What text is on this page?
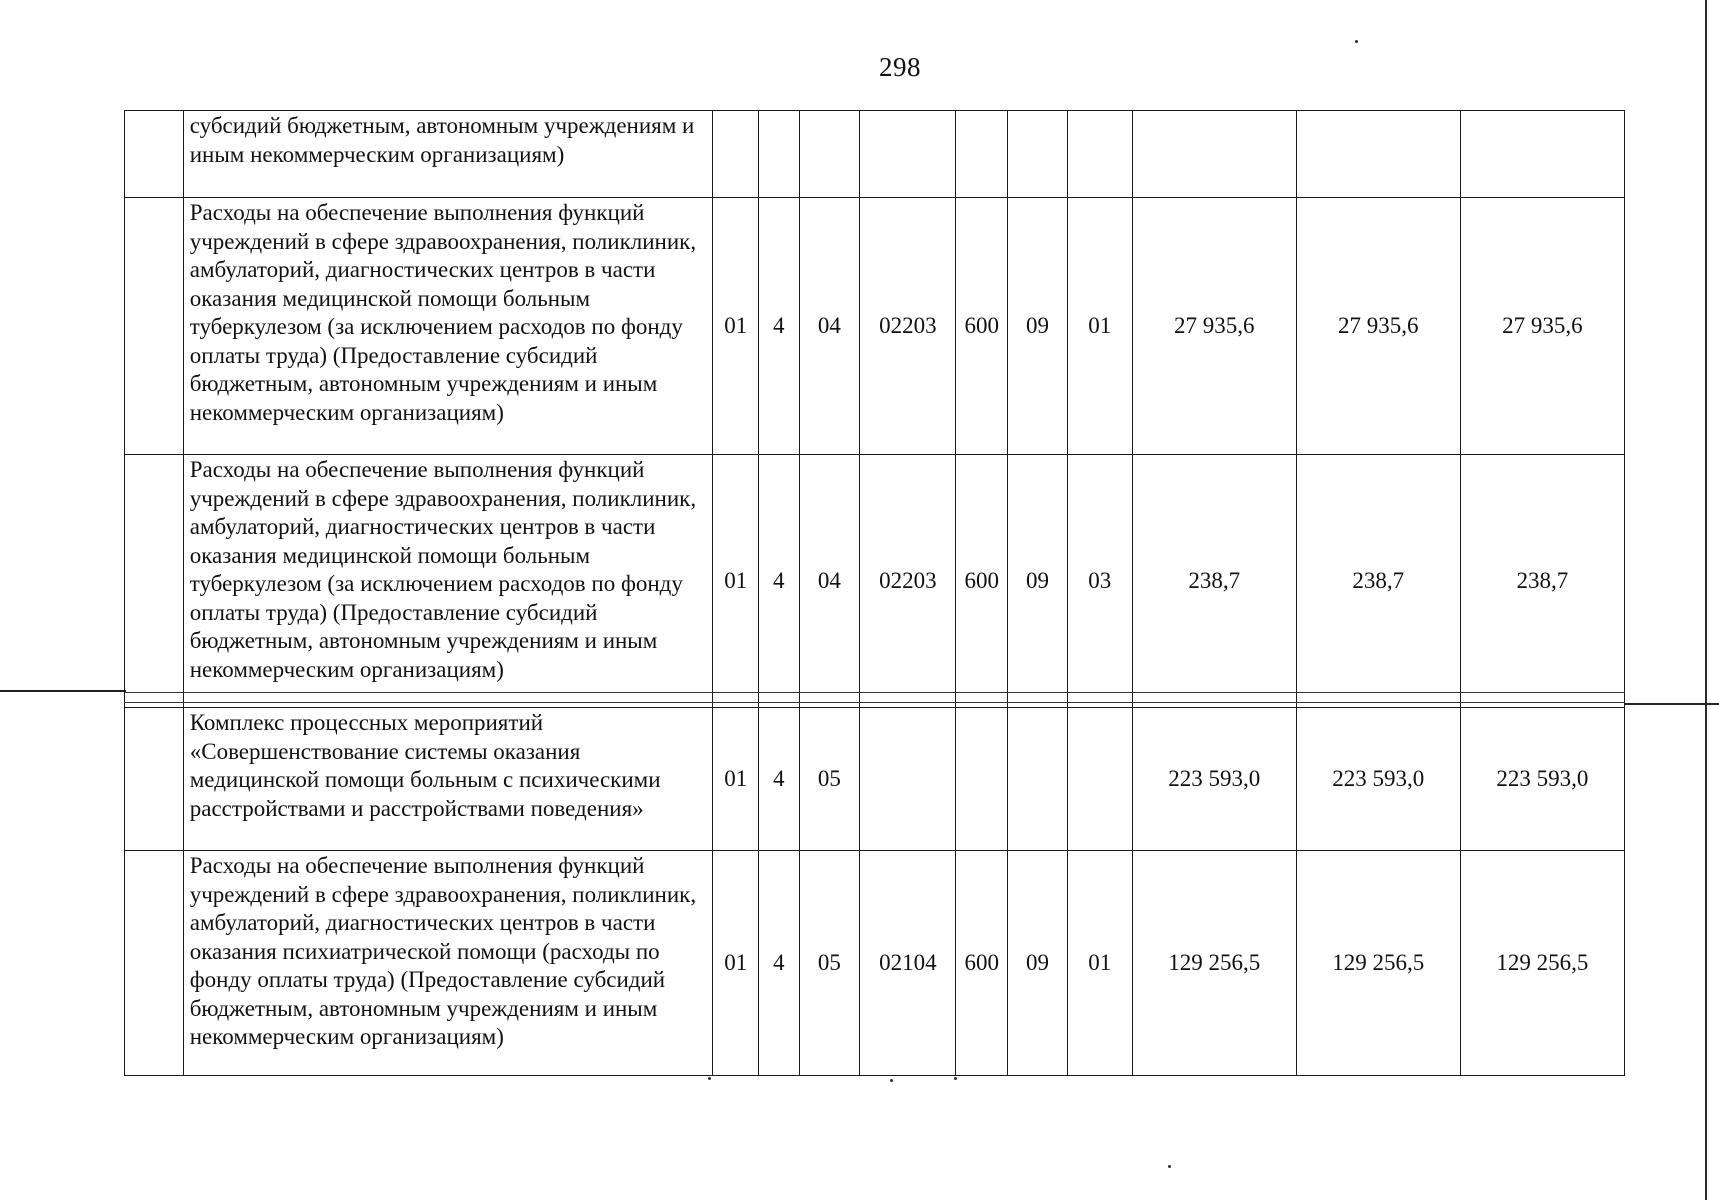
298
	субсидий бюджетным, автономным учреждениям и иным некоммерческим организациям)										
	Расходы на обеспечение выполнения функций учреждений в сфере здравоохранения, поликлиник, амбулаторий, диагностических центров в части оказания медицинской помощи больным туберкулезом (за исключением расходов по фонду оплаты труда) (Предоставление субсидий бюджетным, автономным учреждениям и иным некоммерческим организациям)	01	4	04	02203	600	09	01	27 935,6	27 935,6	27 935,6
	Расходы на обеспечение выполнения функций учреждений в сфере здравоохранения, поликлиник, амбулаторий, диагностических центров в части оказания медицинской помощи больным туберкулезом (за исключением расходов по фонду оплаты труда) (Предоставление субсидий бюджетным, автономным учреждениям и иным некоммерческим организациям)	01	4	04	02203	600	09	03	238,7	238,7	238,7
	Комплекс процессных мероприятий «Совершенствование системы оказания медицинской помощи больным с психическими расстройствами и расстройствами поведения»	01	4	05					223 593,0	223 593,0	223 593,0
	Расходы на обеспечение выполнения функций учреждений в сфере здравоохранения, поликлиник, амбулаторий, диагностических центров в части оказания психиатрической помощи (расходы по фонду оплаты труда) (Предоставление субсидий бюджетным, автономным учреждениям и иным некоммерческим организациям)	01	4	05	02104	600	09	01	129 256,5	129 256,5	129 256,5
